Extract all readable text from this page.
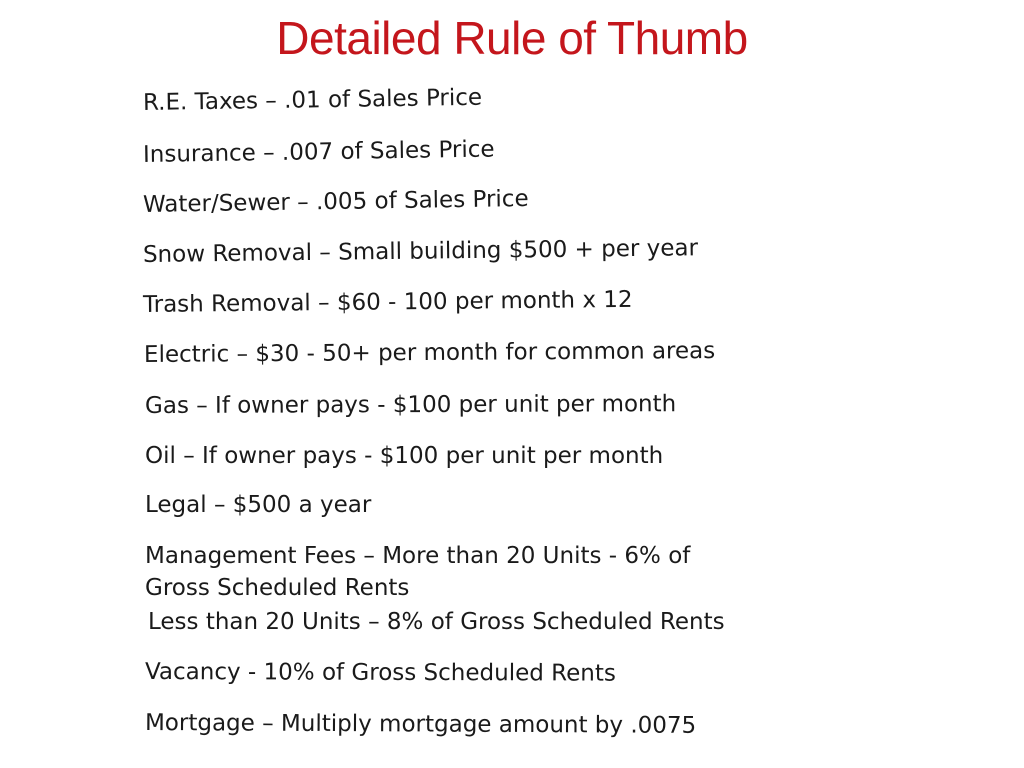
Detailed Rule of Thumb
R.E. Taxes – .01 of Sales Price
Insurance – .007 of Sales Price
Water/Sewer – .005 of Sales Price
Snow Removal – Small building $500 + per year
Trash Removal – $60 - 100 per month x 12
Electric – $30 - 50+ per month for common areas
Gas – If owner pays - $100 per unit per month
Oil – If owner pays - $100 per unit per month
Legal – $500 a year
Management Fees – More than 20 Units - 6% of
Gross Scheduled Rents
Less than 20 Units – 8% of Gross Scheduled Rents
Vacancy - 10% of Gross Scheduled Rents
Mortgage – Multiply mortgage amount by .0075
